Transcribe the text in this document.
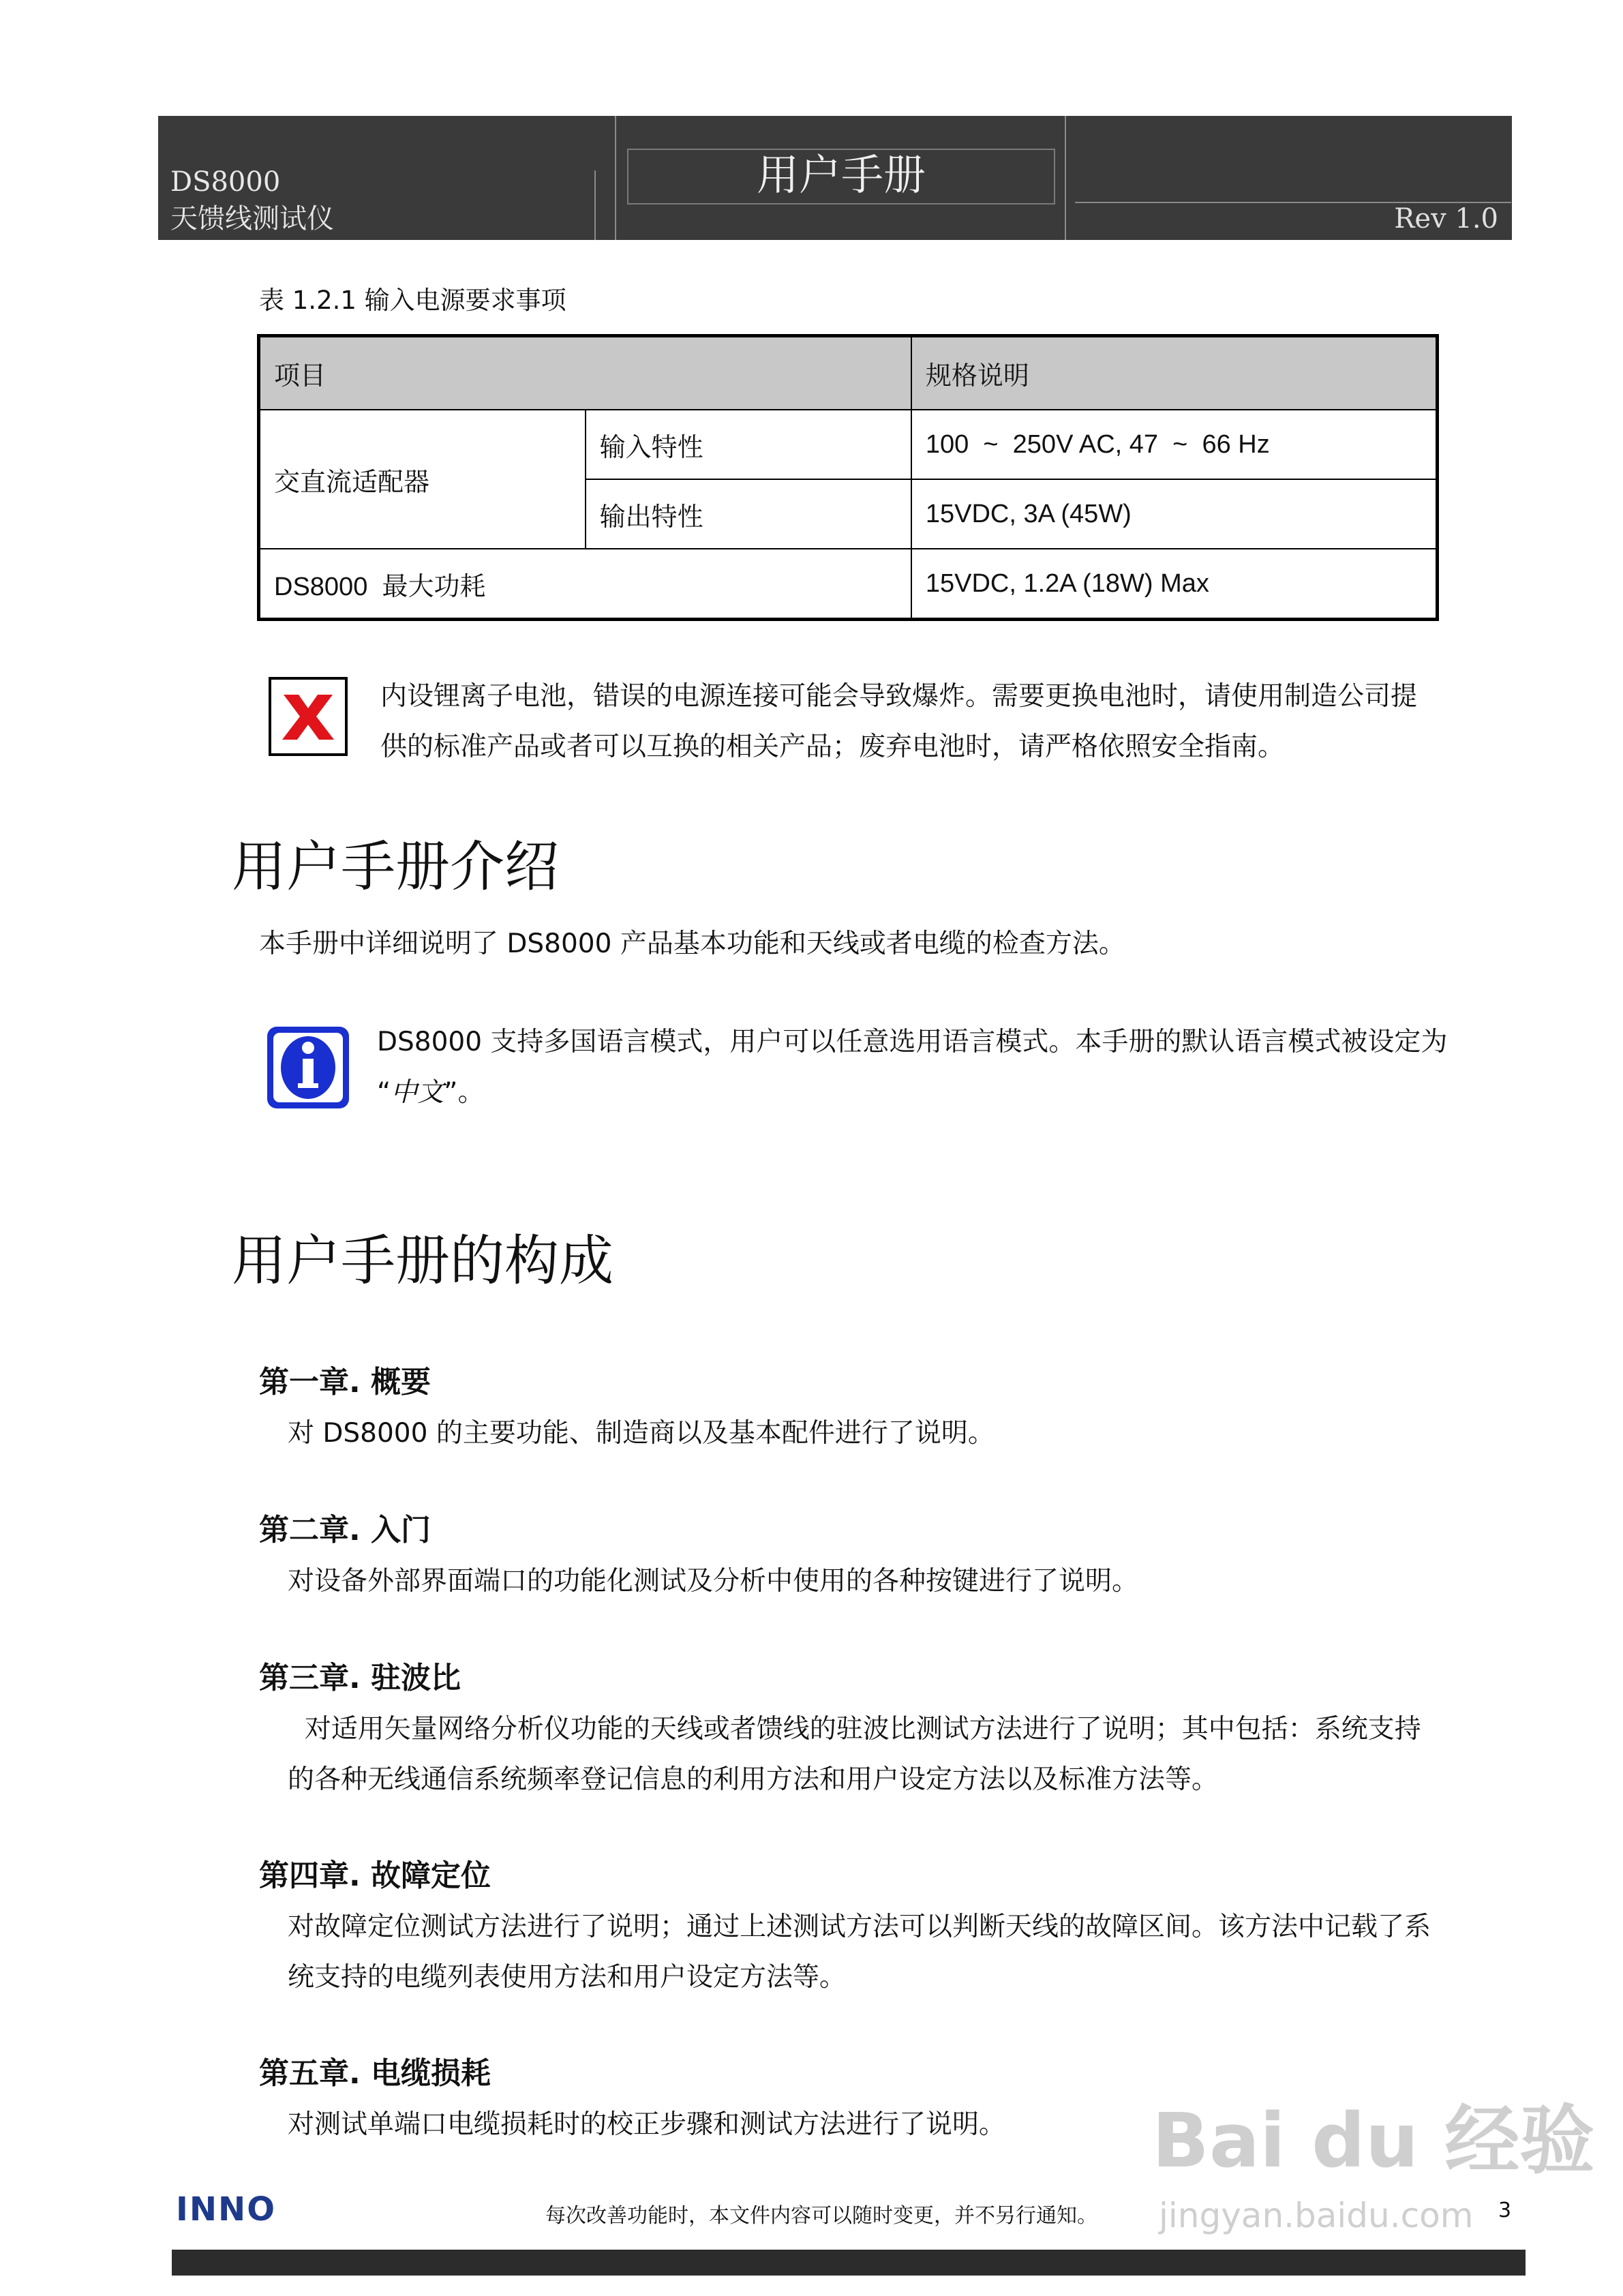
DS8000
天馈线测试仪
用户手册
Rev 1.0
表 1.2.1 输入电源要求事项
项目		规格说明
交直流适配器	输入特性	100  ~  250V AC, 47  ~  66 Hz
	输出特性	15VDC, 3A (45W)
DS8000  最大功耗		15VDC, 1.2A (18W) Max
内设锂离子电池，错误的电源连接可能会导致爆炸。需要更换电池时，请使用制造公司提
供的标准产品或者可以互换的相关产品；废弃电池时，请严格依照安全指南。
用户手册介绍
本手册中详细说明了 DS8000 产品基本功能和天线或者电缆的检查方法。
DS8000 支持多国语言模式，用户可以任意选用语言模式。本手册的默认语言模式被设定为
“中文”。
用户手册的构成
第一章. 概要
对 DS8000 的主要功能、制造商以及基本配件进行了说明。
第二章. 入门
对设备外部界面端口的功能化测试及分析中使用的各种按键进行了说明。
第三章. 驻波比
对适用矢量网络分析仪功能的天线或者馈线的驻波比测试方法进行了说明；其中包括：系统支持
的各种无线通信系统频率登记信息的利用方法和用户设定方法以及标准方法等。
第四章. 故障定位
对故障定位测试方法进行了说明；通过上述测试方法可以判断天线的故障区间。该方法中记载了系
统支持的电缆列表使用方法和用户设定方法等。
第五章. 电缆损耗
对测试单端口电缆损耗时的校正步骤和测试方法进行了说明。 Bai du 经验
jingyan.baidu.com
INNO	每次改善功能时，本文件内容可以随时变更，并不另行通知。	3
